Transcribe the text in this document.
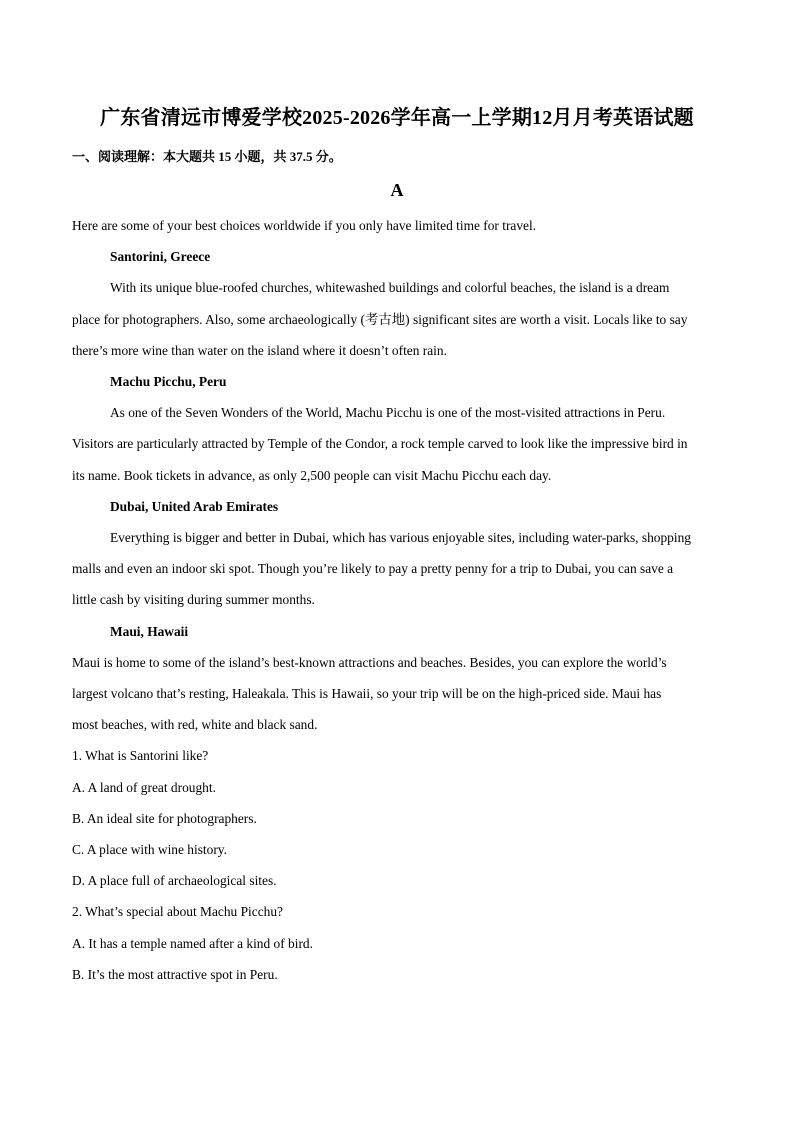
广东省清远市博爱学校2025-2026学年高一上学期12月月考英语试题
一、阅读理解：本大题共 15 小题，共 37.5 分。
A
Here are some of your best choices worldwide if you only have limited time for travel.
Santorini, Greece
With its unique blue-roofed churches, whitewashed buildings and colorful beaches, the island is a dream
place for photographers. Also, some archaeologically (考古地) significant sites are worth a visit. Locals like to say
there’s more wine than water on the island where it doesn’t often rain.
Machu Picchu, Peru
As one of the Seven Wonders of the World, Machu Picchu is one of the most-visited attractions in Peru.
Visitors are particularly attracted by Temple of the Condor, a rock temple carved to look like the impressive bird in
its name. Book tickets in advance, as only 2,500 people can visit Machu Picchu each day.
Dubai, United Arab Emirates
Everything is bigger and better in Dubai, which has various enjoyable sites, including water-parks, shopping
malls and even an indoor ski spot. Though you’re likely to pay a pretty penny for a trip to Dubai, you can save a
little cash by visiting during summer months.
Maui, Hawaii
Maui is home to some of the island’s best-known attractions and beaches. Besides, you can explore the world’s
largest volcano that’s resting, Haleakala. This is Hawaii, so your trip will be on the high-priced side. Maui has
most beaches, with red, white and black sand.
1. What is Santorini like?
A. A land of great drought.
B. An ideal site for photographers.
C. A place with wine history.
D. A place full of archaeological sites.
2. What’s special about Machu Picchu?
A. It has a temple named after a kind of bird.
B. It’s the most attractive spot in Peru.
